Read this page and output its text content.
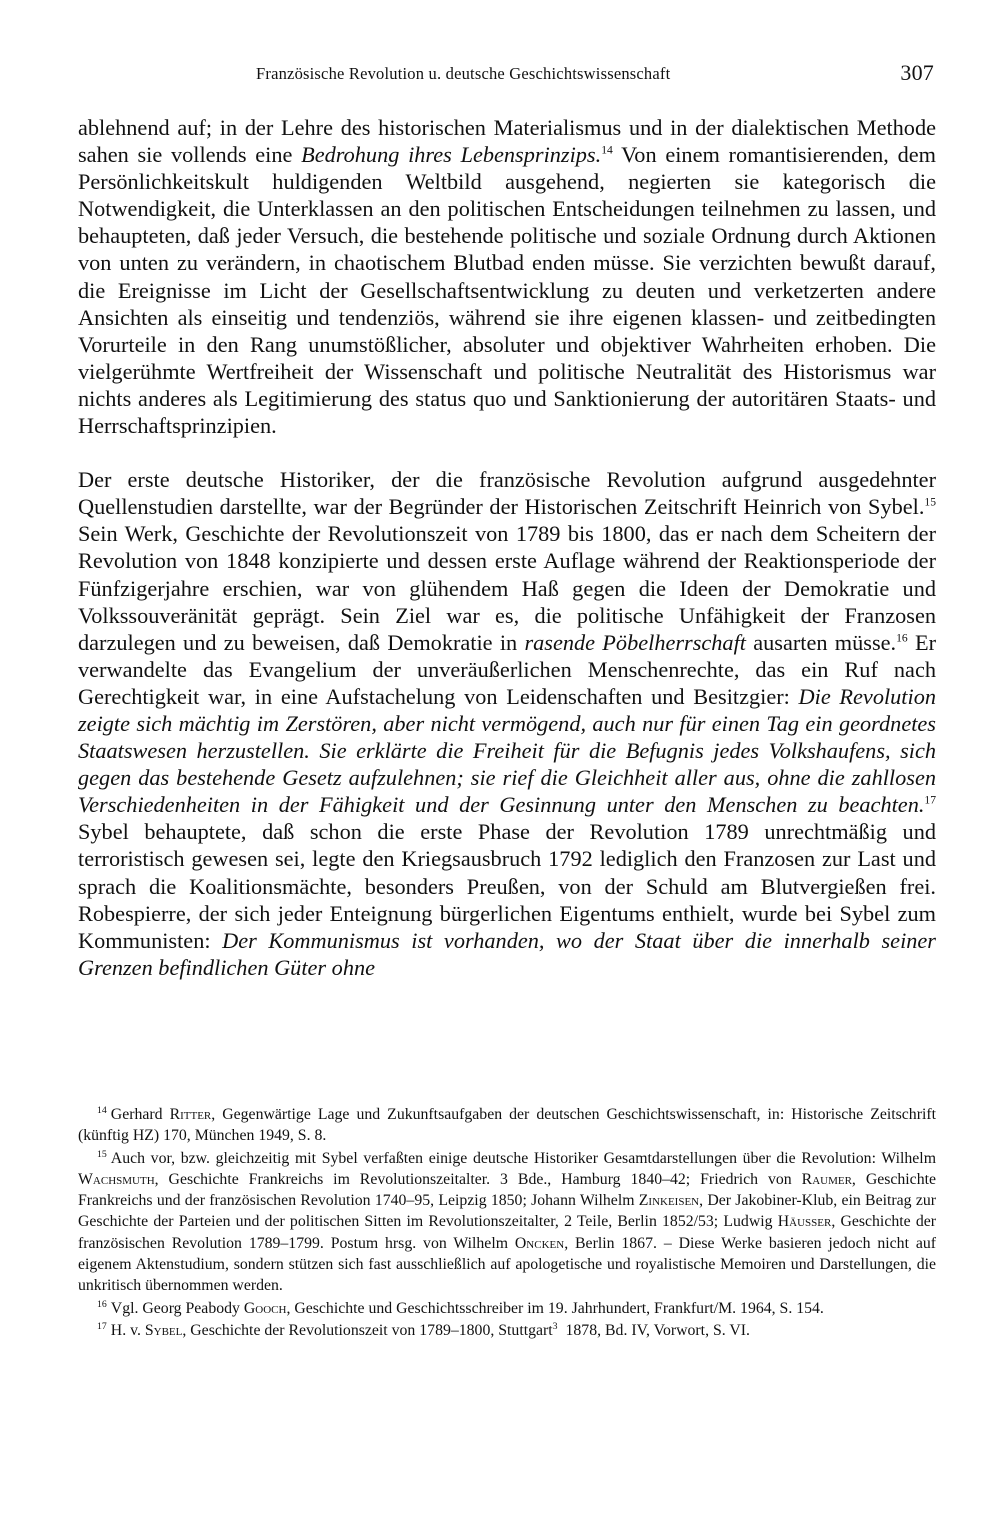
Französische Revolution u. deutsche Geschichtswissenschaft	307

ablehnend auf; in der Lehre des historischen Materialismus und in der dialektischen Methode sahen sie vollends eine Bedrohung ihres Lebensprinzips.$^{14}$ Von einem romantisierenden, dem Persönlichkeitskult huldigenden Weltbild ausgehend, negierten sie kategorisch die Notwendigkeit, die Unterklassen an den politischen Entscheidungen teilnehmen zu lassen, und behaupteten, daß jeder Versuch, die bestehende politische und soziale Ordnung durch Aktionen von unten zu verändern, in chaotischem Blutbad enden müsse. Sie verzichten bewußt darauf, die Ereignisse im Licht der Gesellschaftsentwicklung zu deuten und verketzerten andere Ansichten als einseitig und tendenziös, während sie ihre eigenen klassen- und zeitbedingten Vorurteile in den Rang unumstößlicher, absoluter und objektiver Wahrheiten erhoben. Die vielgerühmte Wertfreiheit der Wissenschaft und politische Neutralität des Historismus war nichts anderes als Legitimierung des status quo und Sanktionierung der autoritären Staats- und Herrschaftsprinzipien.

Der erste deutsche Historiker, der die französische Revolution aufgrund ausgedehnter Quellenstudien darstellte, war der Begründer der Historischen Zeitschrift Heinrich von Sybel.$^{15}$ Sein Werk, Geschichte der Revolutionszeit von 1789 bis 1800, das er nach dem Scheitern der Revolution von 1848 konzipierte und dessen erste Auflage während der Reaktionsperiode der Fünfzigerjahre erschien, war von glühendem Haß gegen die Ideen der Demokratie und Volkssouveränität geprägt. Sein Ziel war es, die politische Unfähigkeit der Franzosen darzulegen und zu beweisen, daß Demokratie in rasende Pöbelherrschaft ausarten müsse.$^{16}$ Er verwandelte das Evangelium der unveräußerlichen Menschenrechte, das ein Ruf nach Gerechtigkeit war, in eine Aufstachelung von Leidenschaften und Besitzgier: Die Revolution zeigte sich mächtig im Zerstören, aber nicht vermögend, auch nur für einen Tag ein geordnetes Staatswesen herzustellen. Sie erklärte die Freiheit für die Befugnis jedes Volkshaufens, sich gegen das bestehende Gesetz aufzulehnen; sie rief die Gleichheit aller aus, ohne die zahllosen Verschiedenheiten in der Fähigkeit und der Gesinnung unter den Menschen zu beachten.$^{17}$ Sybel behauptete, daß schon die erste Phase der Revolution 1789 unrechtmäßig und terroristisch gewesen sei, legte den Kriegsausbruch 1792 lediglich den Franzosen zur Last und sprach die Koalitionsmächte, besonders Preußen, von der Schuld am Blutvergießen frei. Robespierre, der sich jeder Enteignung bürgerlichen Eigentums enthielt, wurde bei Sybel zum Kommunisten: Der Kommunismus ist vorhanden, wo der Staat über die innerhalb seiner Grenzen befindlichen Güter ohne

$^{14}$ Gerhard Ritter, Gegenwärtige Lage und Zukunftsaufgaben der deutschen Geschichtswissenschaft, in: Historische Zeitschrift (künftig HZ) 170, München 1949, S. 8.

$^{15}$ Auch vor, bzw. gleichzeitig mit Sybel verfaßten einige deutsche Historiker Gesamtdarstellungen über die Revolution: Wilhelm Wachsmuth, Geschichte Frankreichs im Revolutionszeitalter. 3 Bde., Hamburg 1840–42; Friedrich von Raumer, Geschichte Frankreichs und der französischen Revolution 1740–95, Leipzig 1850; Johann Wilhelm Zinkeisen, Der Jakobiner-Klub, ein Beitrag zur Geschichte der Parteien und der politischen Sitten im Revolutionszeitalter, 2 Teile, Berlin 1852/53; Ludwig Häusser, Geschichte der französischen Revolution 1789–1799. Postum hrsg. von Wilhelm Oncken, Berlin 1867. – Diese Werke basieren jedoch nicht auf eigenem Aktenstudium, sondern stützen sich fast ausschließlich auf apologetische und royalistische Memoiren und Darstellungen, die unkritisch übernommen werden.

$^{16}$ Vgl. Georg Peabody Gooch, Geschichte und Geschichtsschreiber im 19. Jahrhundert, Frankfurt/M. 1964, S. 154.

$^{17}$ H. v. Sybel, Geschichte der Revolutionszeit von 1789–1800, Stuttgart$^3$ 1878, Bd. IV, Vorwort, S. VI.
